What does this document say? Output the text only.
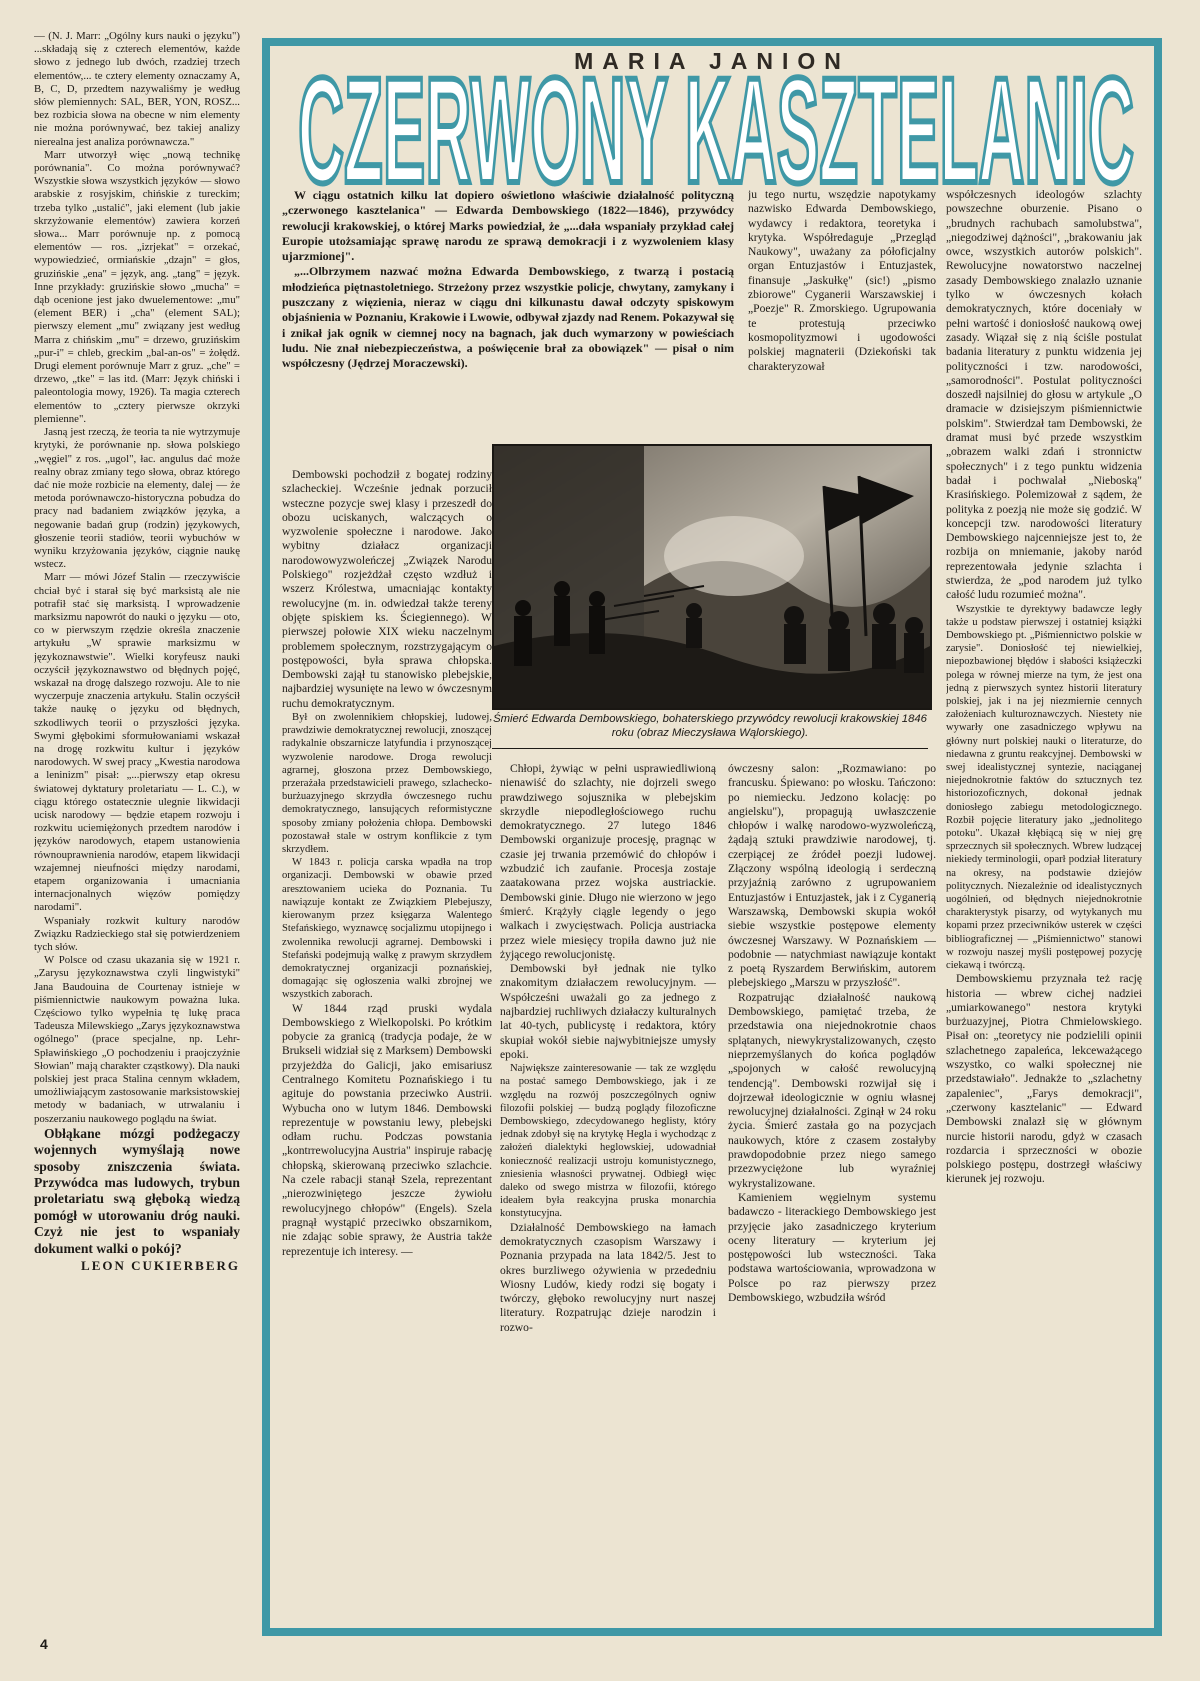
— (N. J. Marr: „Ogólny kurs nauki o języku") ...składają się z czterech elementów, każde słowo z jednego lub dwóch, rzadziej trzech elementów,... te cztery elementy oznaczamy A, B, C, D, przedtem nazywaliśmy je według słów plemiennych: SAL, BER, YON, ROSZ... bez rozbicia słowa na obecne w nim elementy nie można porównywać, bez takiej analizy nierealna jest analiza porównawcza."

Marr utworzył więc „nową technikę porównania". Co można porównywać? Wszystkie słowa wszystkich języków — słowo arabskie z rosyjskim, chińskie z tureckim; trzeba tylko „ustalić", jaki element (lub jakie skrzyżowanie elementów) zawiera korzeń słowa... Marr porównuje np. z pomocą elementów — ros. „izrjekat" = orzekać, wypowiedzieć, ormiańskie „dzajn" = głos, gruzińskie „ena" = język, ang. „tang" = język. Inne przykłady: gruzińskie słowo „mucha" = dąb ocenione jest jako dwuelementowe: „mu" (element BER) i „cha" (element SAL); pierwszy element „mu" związany jest według Marra z chińskim „mu" = drzewo, gruzińskim „pur-i" = chleb, greckim „bal-an-os" = żołędź. Drugi element porównuje Marr z gruz. „che" = drzewo, „tke" = las itd. (Marr: Język chiński i paleontologia mowy, 1926). Ta magia czterech elementów to „cztery pierwsze okrzyki plemienne".

Jasną jest rzeczą, że teoria ta nie wytrzymuje krytyki, że porównanie np. słowa polskiego „węgiel" z ros. „ugol", łac. angulus dać może realny obraz zmiany tego słowa, obraz którego dać nie może rozbicie na elementy, dalej — że metoda porównawczo-historyczna pobudza do pracy nad badaniem związków języka, a negowanie badań grup (rodzin) językowych, głoszenie teorii stadiów, teorii wybuchów w wyniku krzyżowania języków, ciągnie naukę wstecz.

Marr — mówi Józef Stalin — rzeczywiście chciał być i starał się być marksistą ale nie potrafił stać się marksistą. I wprowadzenie marksizmu napowrót do nauki o języku — oto, co w pierwszym rzędzie określa znaczenie artykułu „W sprawie marksizmu w językoznawstwie". Wielki koryfeusz nauki oczyścił językoznawstwo od błędnych pojęć, wskazał na drogę dalszego rozwoju. Ale to nie wyczerpuje znaczenia artykułu. Stalin oczyścił także naukę o języku od błędnych, szkodliwych teorii o przyszłości języka. Swymi głębokimi sformułowaniami wskazał na drogę rozkwitu kultur i języków narodowych. W swej pracy „Kwestia narodowa a leninizm" pisał: „...pierwszy etap okresu światowej dyktatury proletariatu — L. C.), w ciągu którego ostatecznie ulegnie likwidacji ucisk narodowy — będzie etapem rozwoju i rozkwitu uciemiężonych przedtem narodów i języków narodowych, etapem ustanowienia równouprawnienia narodów, etapem likwidacji wzajemnej nieufności między narodami, etapem organizowania i umacniania internacjonalnych więzów pomiędzy narodami".

Wspaniały rozkwit kultury narodów Związku Radzieckiego stał się potwierdzeniem tych słów.

W Polsce od czasu ukazania się w 1921 r. „Zarysu językoznawstwa czyli lingwistyki" Jana Baudouina de Courtenay istnieje w piśmiennictwie naukowym poważna luka. Częściowo tylko wypełnia tę lukę praca Tadeusza Milewskiego „Zarys językoznawstwa ogólnego" (prace specjalne, np. Lehr-Spławińskiego „O pochodzeniu i praojczyźnie Słowian" mają charakter cząstkowy). Dla nauki polskiej jest praca Stalina cennym wkładem, umożliwiającym zastosowanie marksistowskiej metody w badaniach, w utrwalaniu i poszerzaniu naukowego poglądu na świat.

Obłąkane mózgi podżegaczy wojennych wymyślają nowe sposoby zniszczenia świata. Przywódca mas ludowych, trybun proletariatu swą głęboką wiedzą pomógł w utorowaniu dróg nauki. Czyż nie jest to wspaniały dokument walki o pokój?

LEON CUKIERBERG
MARIA JANION
CZERWONY KASZTELANIC

W ciągu ostatnich kilku lat dopiero oświetlono właściwie działalność polityczną „czerwonego kasztelanica" — Edwarda Dembowskiego (1822—1846), przywódcy rewolucji krakowskiej, o której Marks powiedział, że „...dała wspaniały przykład całej Europie utożsamiając sprawę narodu ze sprawą demokracji i z wyzwoleniem klasy ujarzmionej".

„...Olbrzymem nazwać można Edwarda Dembowskiego, z twarzą i postacią młodzieńca piętnastoletniego. Strzeżony przez wszystkie policje, chwytany, zamykany i puszczany z więzienia, nieraz w ciągu dni kilkunastu dawał odczyty spiskowym objaśnienia w Poznaniu, Krakowie i Lwowie, odbywał zjazdy nad Renem. Pokazywał się i znikał jak ognik w ciemnej nocy na bagnach, jak duch wymarzony w powieściach ludu. Nie znał niebezpieczeństwa, a poświęcenie brał za obowiązek" — pisał o nim współczesny (Jędrzej Moraczewski).

Dembowski pochodził z bogatej rodziny szlacheckiej. Wcześnie jednak porzucił wsteczne pozycje swej klasy i przeszedł do obozu uciskanych, walczących o wyzwolenie społeczne i narodowe. Jako wybitny działacz organizacji narodowowyzwoleńczej „Związek Narodu Polskiego" rozjeżdżał często wzdłuż i wszerz Królestwa, umacniając kontakty rewolucyjne (m. in. odwiedzał także tereny objęte spiskiem ks. Ściegiennego). W pierwszej połowie XIX wieku naczelnym problemem społecznym, rozstrzygającym o postępowości, była sprawa chłopska. Dembowski zajął tu stanowisko plebejskie, najbardziej wysunięte na lewo w ówczesnym ruchu demokratycznym.

Był on zwolennikiem chłopskiej, ludowej, prawdziwie demokratycznej rewolucji, znoszącej radykalnie obszarnicze latyfundia i przynoszącej wyzwolenie narodowe. Droga rewolucji agrarnej, głoszona przez Dembowskiego, przerażała przedstawicieli prawego, szlachecko-burżuazyjnego skrzydła ówczesnego ruchu demokratycznego, lansujących reformistyczne sposoby zmiany położenia chłopa. Dembowski pozostawał stale w ostrym konflikcie z tym skrzydłem.

W 1843 r. policja carska wpadła na trop organizacji. Dembowski w obawie przed aresztowaniem ucieka do Poznania. Tu nawiązuje kontakt ze Związkiem Plebejuszy, kierowanym przez księgarza Walentego Stefańskiego, wyznawcę socjalizmu utopijnego i zwolennika rewolucji agrarnej. Dembowski i Stefański podejmują walkę z prawym skrzydłem demokratycznej organizacji poznańskiej, domagając się ogłoszenia walki zbrojnej we wszystkich zaborach.

W 1844 rząd pruski wydala Dembowskiego z Wielkopolski. Po krótkim pobycie za granicą (tradycja podaje, że w Brukseli widział się z Marksem) Dembowski przyjeżdża do Galicji, jako emisariusz Centralnego Komitetu Poznańskiego i tu agituje do powstania przeciwko Austrii. Wybucha ono w lutym 1846. Dembowski reprezentuje w powstaniu lewy, plebejski odłam ruchu. Podczas powstania „kontrrewolucyjna Austria" inspiruje rabację chłopską, skierowaną przeciwko szlachcie. Na czele rabacji stanął Szela, reprezentant „nierozwiniętego jeszcze żywiołu rewolucyjnego chłopów" (Engels). Szela pragnął wystąpić przeciwko obszarnikom, nie zdając sobie sprawy, że Austria także reprezentuje ich interesy. —

Śmierć Edwarda Dembowskiego, bohaterskiego przywódcy rewolucji krakowskiej 1846 roku (obraz Mieczysława Wąlorskiego).

Chłopi, żywiąc w pełni usprawiedliwioną nienawiść do szlachty, nie dojrzeli swego prawdziwego sojusznika w plebejskim skrzydle niepodległościowego ruchu demokratycznego. 27 lutego 1846 Dembowski organizuje procesję, pragnąc w czasie jej trwania przemówić do chłopów i wzbudzić ich zaufanie. Procesja zostaje zaatakowana przez wojska austriackie. Dembowski ginie. Długo nie wierzono w jego śmierć. Krążyły ciągle legendy o jego walkach i zwycięstwach. Policja austriacka przez wiele miesięcy tropiła dawno już nie żyjącego rewolucjonistę.

Dembowski był jednak nie tylko znakomitym działaczem rewolucyjnym. — Współcześni uważali go za jednego z najbardziej ruchliwych działaczy kulturalnych lat 40-tych, publicystę i redaktora, który skupiał wokół siebie najwybitniejsze umysły epoki.

Największe zainteresowanie — tak ze względu na postać samego Dembowskiego, jak i ze względu na rozwój poszczególnych ogniw filozofii polskiej — budzą poglądy filozoficzne Dembowskiego, zdecydowanego heglisty, który jednak zdobył się na krytykę Hegla i wychodząc z założeń dialektyki heglowskiej, udowadniał konieczność realizacji ustroju komunistycznego, zniesienia własności prywatnej. Odbiegł więc daleko od swego mistrza w filozofii, którego ideałem była reakcyjna pruska monarchia konstytucyjna.

Działalność Dembowskiego na łamach demokratycznych czasopism Warszawy i Poznania przypada na lata 1842/5. Jest to okres burzliwego ożywienia w przededniu Wiosny Ludów, kiedy rodzi się bogaty i twórczy, głęboko rewolucyjny nurt naszej literatury. Rozpatrując dzieje narodzin i rozwo-

ju tego nurtu, wszędzie napotykamy nazwisko Edwarda Dembowskiego, wydawcy i redaktora, teoretyka i krytyka. Współredaguje „Przegląd Naukowy", uważany za półoficjalny organ Entuzjastów i Entuzjastek, finansuje „Jaskułkę" (sic!) „pismo zbiorowe" Cyganerii Warszawskiej i „Poezje" R. Zmorskiego. Ugrupowania te protestują przeciwko kosmopolityzmowi i ugodowości polskiej magnaterii (Dziekoński tak charakteryzował

ówczesny salon: „Rozmawiano: po francusku. Śpiewano: po włosku. Tańczono: po niemiecku. Jedzono kolację: po angielsku"), propagują uwłaszczenie chłopów i walkę narodowo-wyzwoleńczą, żądają sztuki prawdziwie narodowej, tj. czerpiącej ze źródeł poezji ludowej. Złączony wspólną ideologią i serdeczną przyjaźnią zarówno z ugrupowaniem Entuzjastów i Entuzjastek, jak i z Cyganerią Warszawską, Dembowski skupia wokół siebie wszystkie postępowe elementy ówczesnej Warszawy. W Poznańskiem — podobnie — natychmiast nawiązuje kontakt z poetą Ryszardem Berwińskim, autorem plebejskiego „Marszu w przyszłość".

Rozpatrując działalność naukową Dembowskiego, pamiętać trzeba, że przedstawia ona niejednokrotnie chaos splątanych, niewykrystalizowanych, często nieprzemyślanych do końca poglądów „spojonych w całość rewolucyjną tendencją". Dembowski rozwijał się i dojrzewał ideologicznie w ogniu własnej rewolucyjnej działalności. Zginął w 24 roku życia. Śmierć zastała go na pozycjach naukowych, które z czasem zostałyby prawdopodobnie przez niego samego przezwyciężone lub wyraźniej wykrystalizowane.

Kamieniem węgielnym systemu badawczo - literackiego Dembowskiego jest przyjęcie jako zasadniczego kryterium oceny literatury — kryterium jej postępowości lub wsteczności. Taka podstawa wartościowania, wprowadzona w Polsce po raz pierwszy przez Dembowskiego, wzbudziła wśród

współczesnych ideologów szlachty powszechne oburzenie. Pisano o „brudnych rachubach samolubstwa", „niegodziwej dążności", „brakowaniu jak owce, wszystkich autorów polskich". Rewolucyjne nowatorstwo naczelnej zasady Dembowskiego znalazło uznanie tylko w ówczesnych kołach demokratycznych, które doceniały w pełni wartość i doniosłość naukową owej zasady. Wiązał się z nią ściśle postulat badania literatury z punktu widzenia jej polityczności i tzw. narodowości, „samorodności". Postulat polityczności doszedł najsilniej do głosu w artykule „O dramacie w dzisiejszym piśmiennictwie polskim". Stwierdzał tam Dembowski, że dramat musi być przede wszystkim „obrazem walki zdań i stronnictw społecznych" i z tego punktu widzenia badał i pochwalał „Nieboską" Krasińskiego. Polemizował z sądem, że polityka z poezją nie może się godzić. W koncepcji tzw. narodowości literatury Dembowskiego najcenniejsze jest to, że rozbija on mniemanie, jakoby naród reprezentowała jedynie szlachta i stwierdza, że „pod narodem już tylko całość ludu rozumieć można".

Wszystkie te dyrektywy badawcze legły także u podstaw pierwszej i ostatniej książki Dembowskiego pt. „Piśmiennictwo polskie w zarysie". Doniosłość tej niewielkiej, niepozbawionej błędów i słabości książeczki polega w równej mierze na tym, że jest ona jedną z pierwszych syntez historii literatury polskiej, jak i na jej niezmiernie cennych założeniach kulturoznawczych. Niestety nie wywarły one zasadniczego wpływu na główny nurt polskiej nauki o literaturze, do niedawna z gruntu reakcyjnej. Dembowski w swej idealistycznej syntezie, naciąganej niejednokrotnie faktów do sztucznych tez historiozoficznych, dokonał jednak doniosłego zabiegu metodologicznego. Rozbił pojęcie literatury jako „jednolitego potoku". Ukazał kłębiącą się w niej grę sprzecznych sił społecznych. Wbrew ludzącej niekiedy terminologii, oparł podział literatury na okresy, na podstawie dziejów politycznych. Niezależnie od idealistycznych uogólnień, od błędnych niejednokrotnie charakterystyk pisarzy, od wytykanych mu kopami przez przeciwników usterek w części bibliograficznej — „Piśmiennictwo" stanowi w rozwoju naszej myśli postępowej pozycję ciekawą i twórczą.

Dembowskiemu przyznała też rację historia — wbrew cichej nadziei „umiarkowanego" nestora krytyki burżuazyjnej, Piotra Chmielowskiego. Pisał on: „teoretycy nie podzielili opinii szlachetnego zapaleńca, lekceważącego wszystko, co walki społecznej nie przedstawiało". Jednakże to „szlachetny zapaleniec", „Farys demokracji", „czerwony kasztelanic" — Edward Dembowski znalazł się w głównym nurcie historii narodu, gdyż w czasach rozdarcia i sprzeczności w obozie polskiego postępu, dostrzegł właściwy kierunek jej rozwoju.

4
